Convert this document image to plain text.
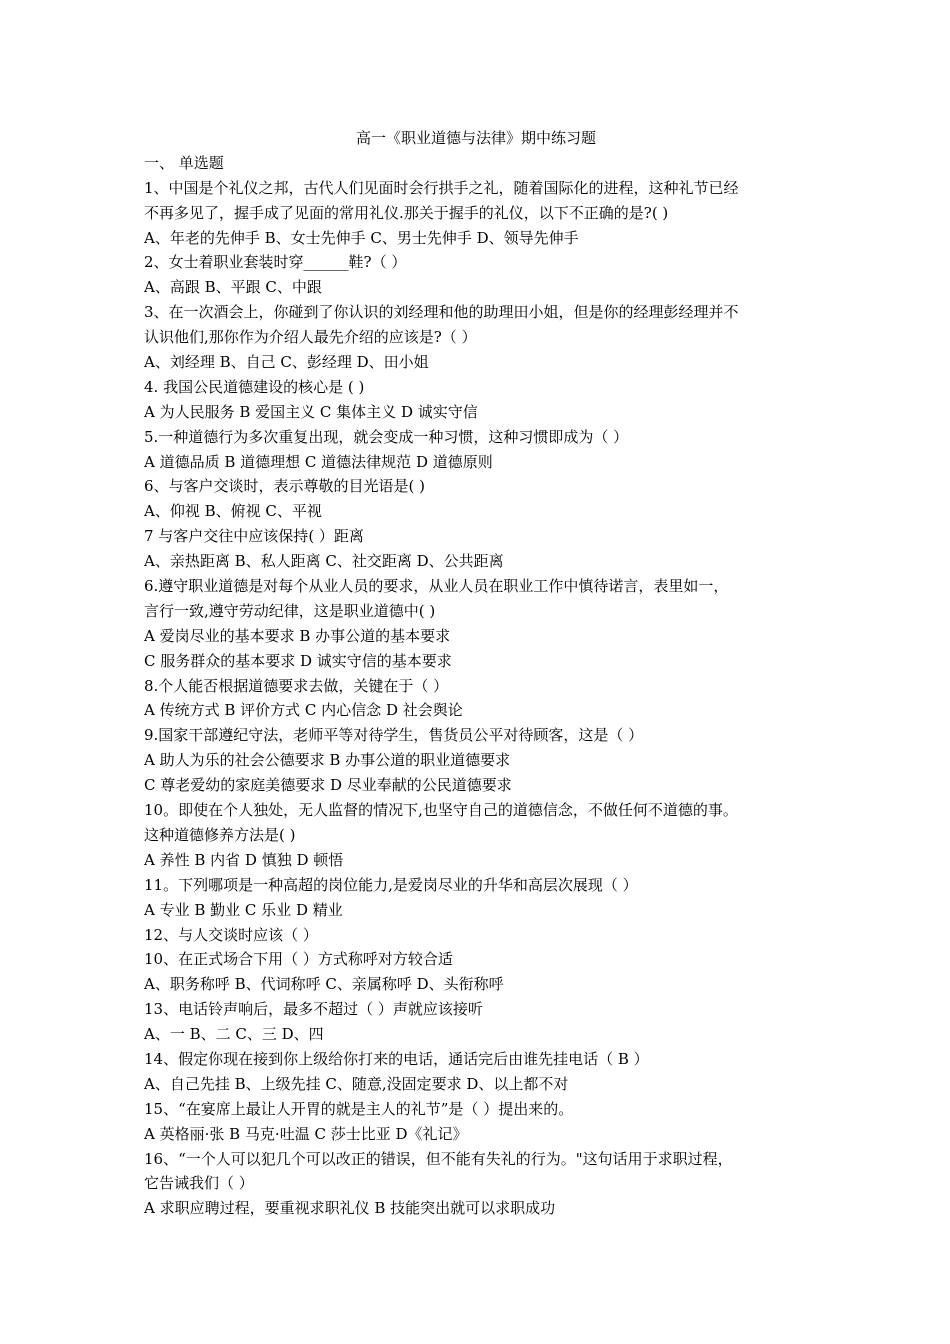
高一《职业道德与法律》期中练习题
一、 单选题
1、中国是个礼仪之邦，古代人们见面时会行拱手之礼，随着国际化的进程，这种礼节已经
不再多见了，握手成了见面的常用礼仪.那关于握手的礼仪，以下不正确的是?( )
A、年老的先伸手 B、女士先伸手 C、男士先伸手 D、领导先伸手
2、女士着职业套装时穿______鞋?（ ）
A、高跟 B、平跟 C、中跟
3、在一次酒会上，你碰到了你认识的刘经理和他的助理田小姐，但是你的经理彭经理并不
认识他们,那你作为介绍人最先介绍的应该是?（ ）
A、刘经理 B、自己 C、彭经理 D、田小姐
4. 我国公民道德建设的核心是 ( )
A 为人民服务 B 爱国主义 C 集体主义 D 诚实守信
5.一种道德行为多次重复出现，就会变成一种习惯，这种习惯即成为（ ）
A 道德品质 B 道德理想 C 道德法律规范 D 道德原则
6、与客户交谈时，表示尊敬的目光语是( )
A、仰视 B、俯视 C、平视
7 与客户交往中应该保持( ）距离
A、亲热距离 B、私人距离 C、社交距离 D、公共距离
6.遵守职业道德是对每个从业人员的要求，从业人员在职业工作中慎待诺言，表里如一，
言行一致,遵守劳动纪律，这是职业道德中( )
A 爱岗尽业的基本要求 B 办事公道的基本要求
C 服务群众的基本要求 D 诚实守信的基本要求
8.个人能否根据道德要求去做，关键在于（ ）
A 传统方式 B 评价方式 C 内心信念 D 社会舆论
9.国家干部遵纪守法，老师平等对待学生，售货员公平对待顾客，这是（ ）
A 助人为乐的社会公德要求 B 办事公道的职业道德要求
C 尊老爱幼的家庭美德要求 D 尽业奉献的公民道德要求
10。即使在个人独处，无人监督的情况下,也坚守自己的道德信念，不做任何不道德的事。
这种道德修养方法是( )
A 养性 B 内省 D 慎独 D 顿悟
11。下列哪项是一种高超的岗位能力,是爱岗尽业的升华和高层次展现（ ）
A 专业 B 勤业 C 乐业 D 精业
12、与人交谈时应该（ ）
10、在正式场合下用（ ）方式称呼对方较合适
A、职务称呼 B、代词称呼 C、亲属称呼 D、头衔称呼
13、电话铃声响后，最多不超过（ ）声就应该接听
A、一 B、二 C、三 D、四
14、假定你现在接到你上级给你打来的电话，通话完后由谁先挂电话（ B ）
A、自己先挂 B、上级先挂 C、随意,没固定要求 D、以上都不对
15、“在宴席上最让人开胃的就是主人的礼节”是（ ）提出来的。
A 英格丽·张 B 马克·吐温 C 莎士比亚 D《礼记》
16、“一个人可以犯几个可以改正的错误，但不能有失礼的行为。"这句话用于求职过程，
它告诫我们（ ）
A 求职应聘过程，要重视求职礼仪 B 技能突出就可以求职成功
